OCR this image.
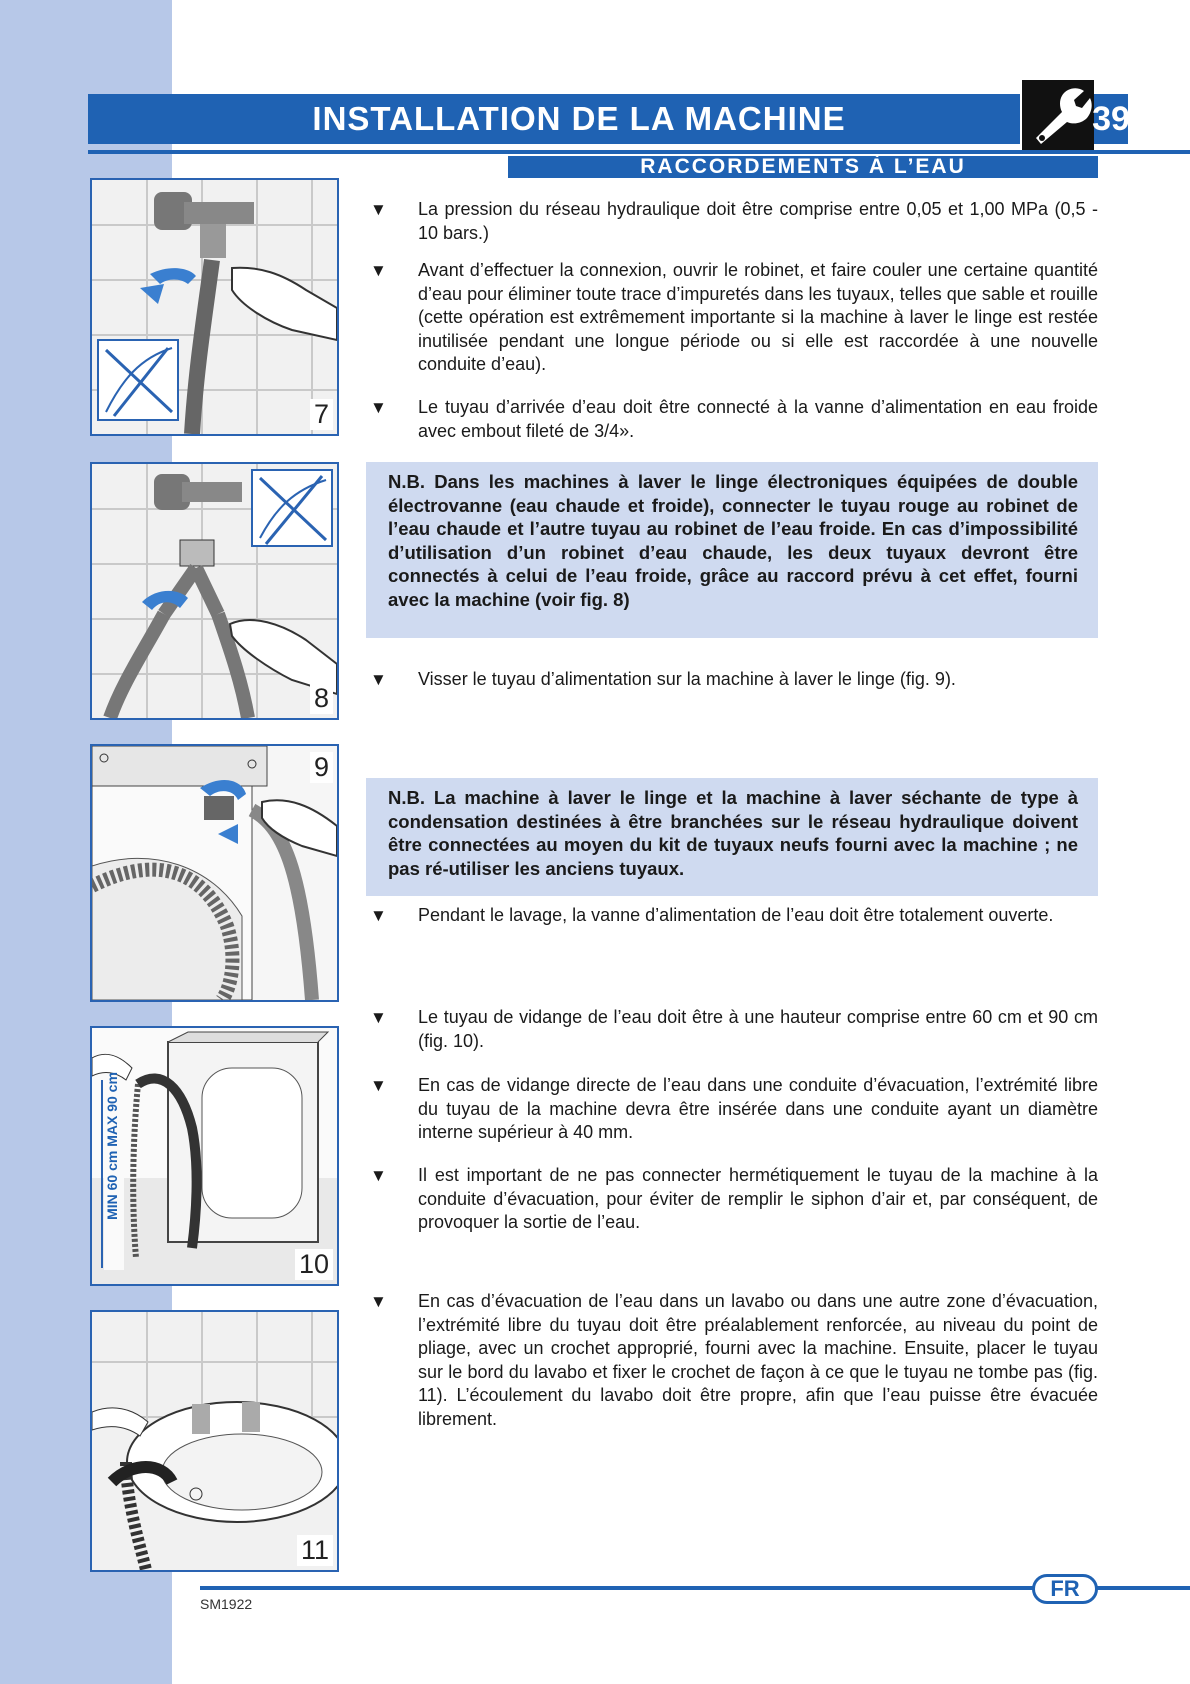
INSTALLATION DE LA MACHINE	39
RACCORDEMENTS À L’EAU
7
8
9
MIN 60 cm MAX 90 cm
10
11
▼ La pression du réseau hydraulique doit être comprise entre 0,05 et 1,00 MPa (0,5 - 10 bars.)
▼ Avant d’effectuer la connexion, ouvrir le robinet, et faire couler une certaine quantité d’eau pour éliminer toute trace d’impuretés dans les tuyaux, telles que sable et rouille (cette opération est extrêmement importante si la machine à laver le linge est restée inutilisée pendant une longue période ou si elle est raccordée à une nouvelle conduite d’eau).
▼ Le tuyau d’arrivée d’eau doit être connecté à la vanne d’alimentation en eau froide avec embout fileté de 3/4».
N.B. Dans les machines à laver le linge électroniques équipées de double électrovanne (eau chaude et froide), connecter le tuyau rouge au robinet de l’eau chaude et l’autre tuyau au robinet de l’eau froide. En cas d’impossibilité d’utilisation d’un robinet d’eau chaude, les deux tuyaux devront être connectés à celui de l’eau froide, grâce au raccord prévu à cet effet, fourni avec la machine (voir fig. 8)
▼ Visser le tuyau d’alimentation sur la machine à laver le linge (fig. 9).
N.B. La machine à laver le linge et la machine à laver séchante de type à condensation destinées à être branchées sur le réseau hydraulique doivent être connectées au moyen du kit de tuyaux neufs fourni avec la machine ; ne pas ré-utiliser les anciens tuyaux.
▼ Pendant le lavage, la vanne d’alimentation de l’eau doit être totalement ouverte.
▼ Le tuyau de vidange de l’eau doit être à une hauteur comprise entre 60 cm et 90 cm (fig. 10).
▼ En cas de vidange directe de l’eau dans une conduite d’évacuation, l’extrémité libre du tuyau de la machine devra être insérée dans une conduite ayant un diamètre interne supérieur à 40 mm.
▼ Il est important de ne pas connecter hermétiquement le tuyau de la machine à la conduite d’évacuation, pour éviter de remplir le siphon d’air et, par conséquent, de provoquer la sortie de l’eau.
▼ En cas d’évacuation de l’eau dans un lavabo ou dans une autre zone d’évacuation, l’extrémité libre du tuyau doit être préalablement renforcée, au niveau du point de pliage, avec un crochet approprié, fourni avec la machine. Ensuite, placer le tuyau sur le bord du lavabo et fixer le crochet de façon à ce que le tuyau ne tombe pas (fig. 11). L’écoulement du lavabo doit être propre, afin que l’eau puisse être évacuée librement.
FR
SM1922
